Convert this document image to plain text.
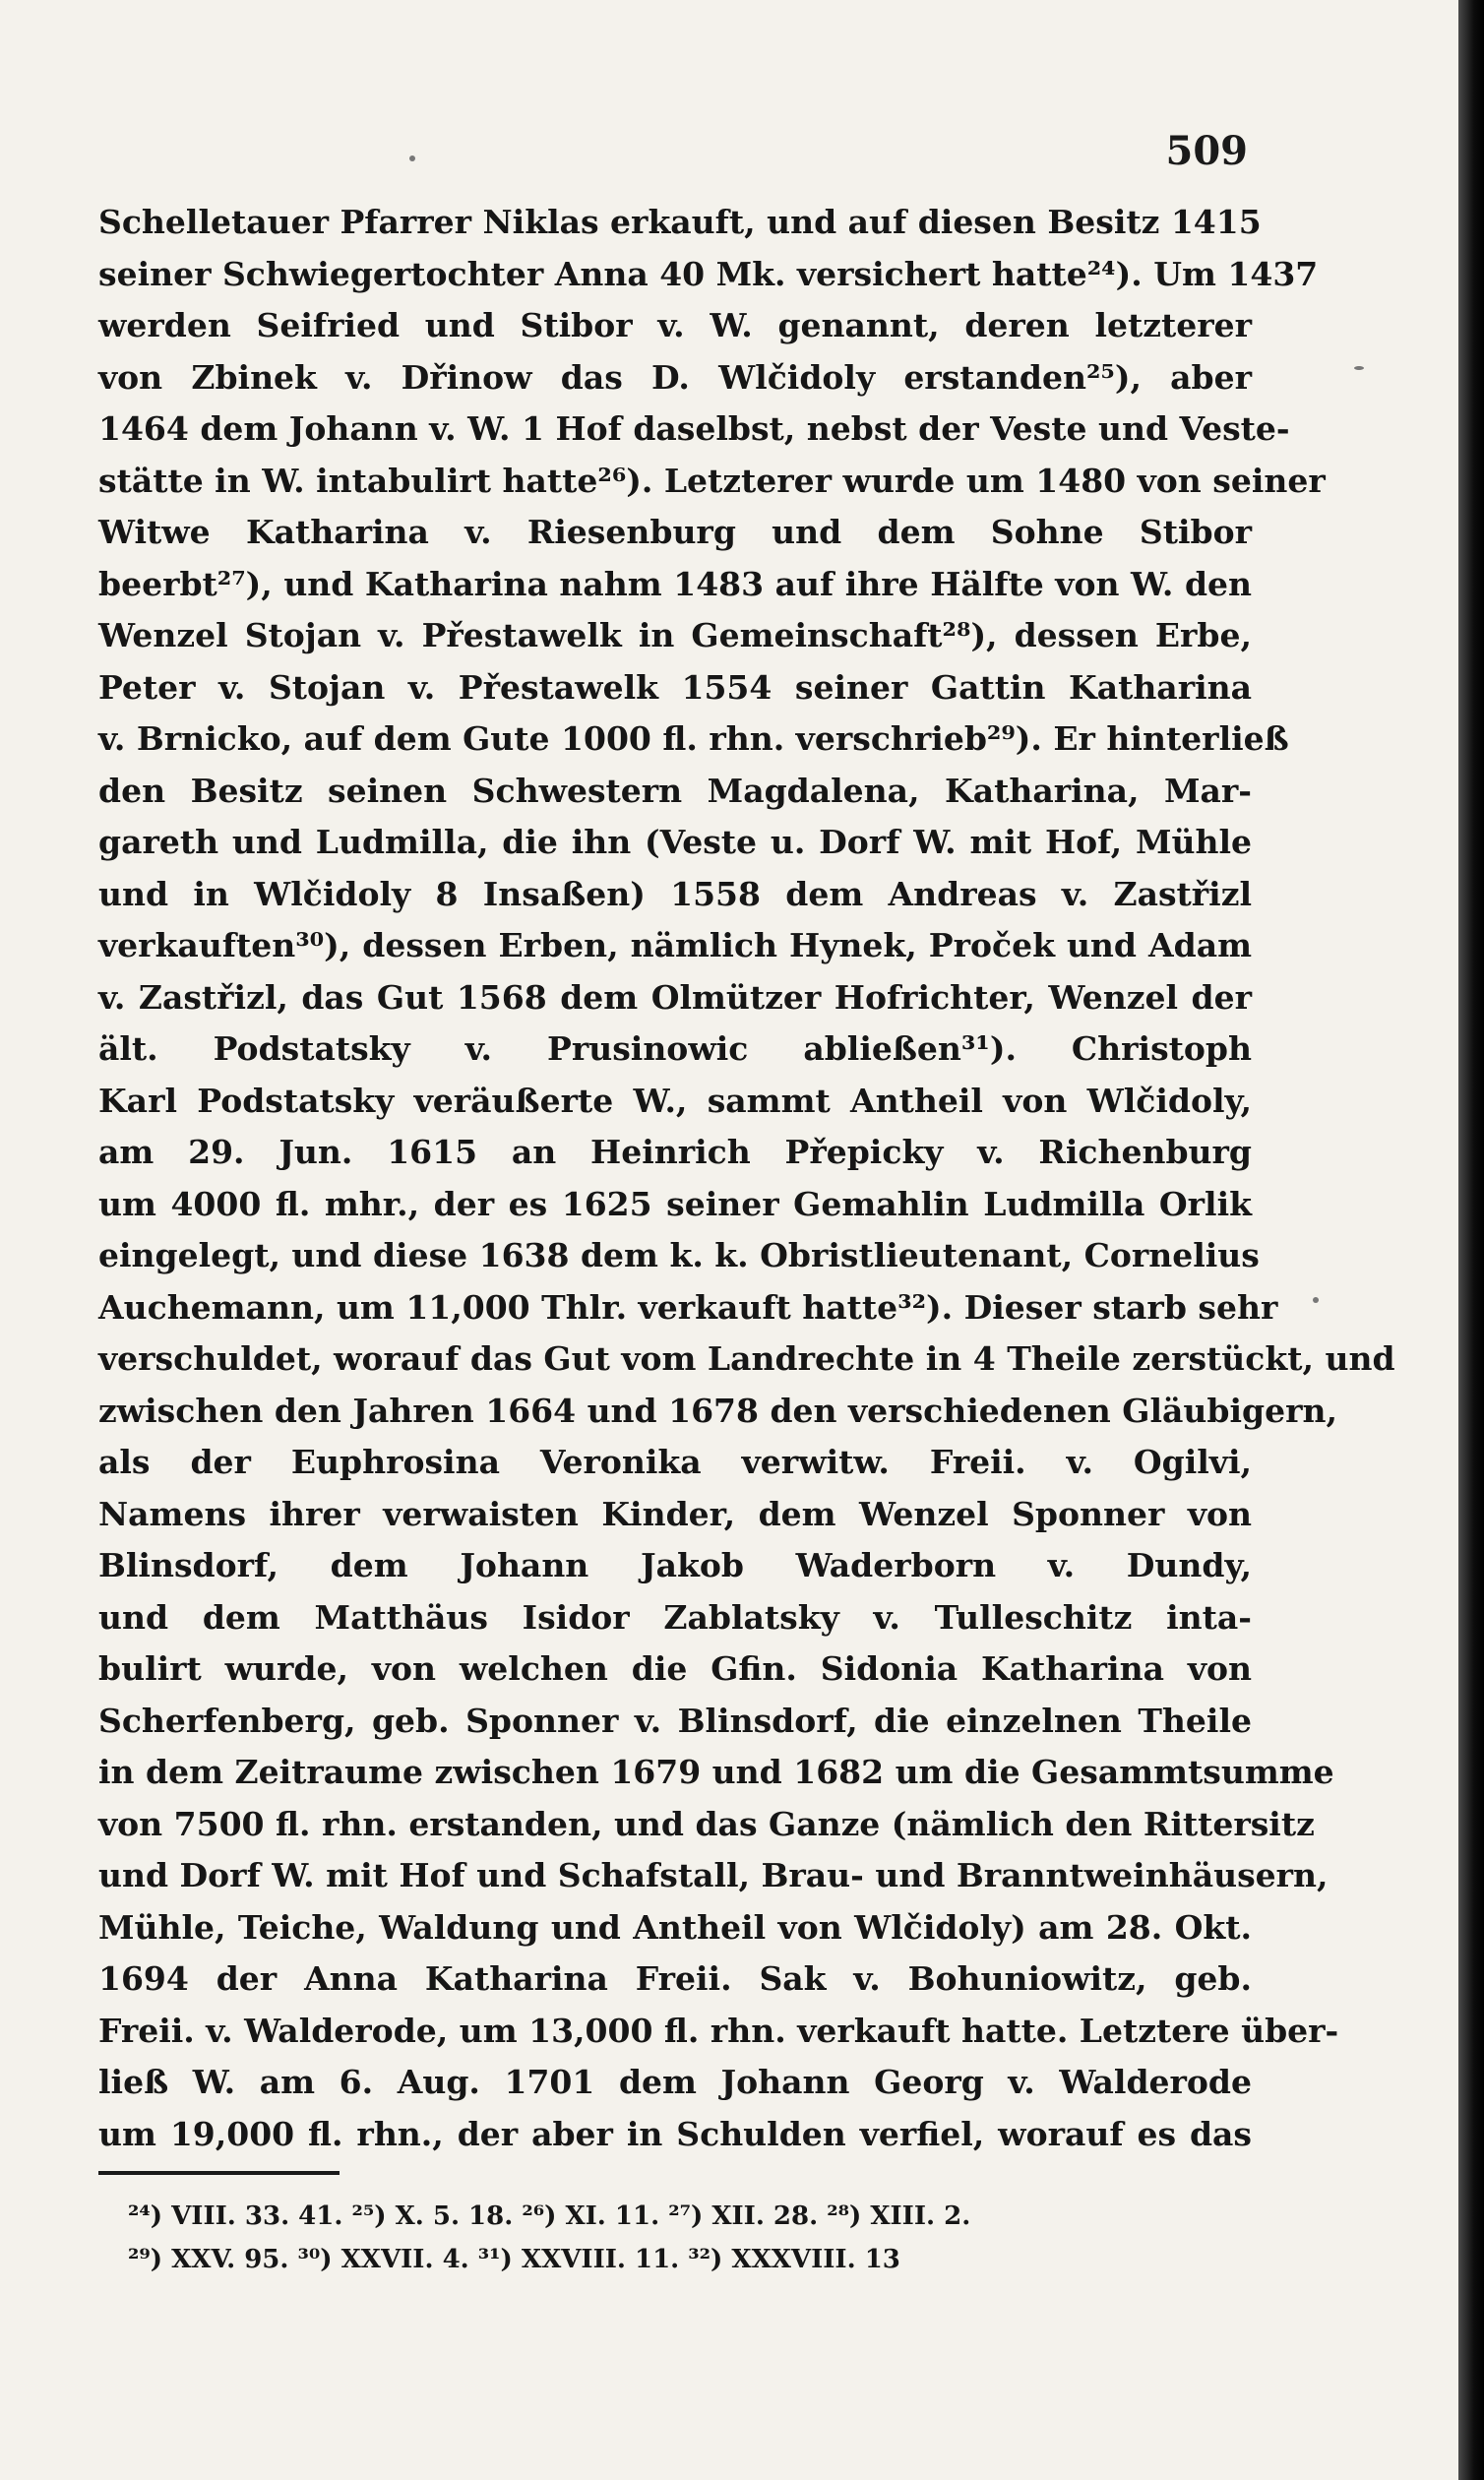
509
Schelletauer Pfarrer Niklas erkauft, und auf diesen Besitz 1415
seiner Schwiegertochter Anna 40 Mk. versichert hatte²⁴). Um 1437
werden Seifried und Stibor v. W. genannt, deren letzterer
von Zbinek v. Dřinow das D. Wlčidoly erstanden²⁵), aber
1464 dem Johann v. W. 1 Hof daselbst, nebst der Veste und Veste-
stätte in W. intabulirt hatte²⁶). Letzterer wurde um 1480 von seiner
Witwe Katharina v. Riesenburg und dem Sohne Stibor
beerbt²⁷), und Katharina nahm 1483 auf ihre Hälfte von W. den
Wenzel Stojan v. Přestawelk in Gemeinschaft²⁸), dessen Erbe,
Peter v. Stojan v. Přestawelk 1554 seiner Gattin Katharina
v. Brnicko, auf dem Gute 1000 fl. rhn. verschrieb²⁹). Er hinterließ
den Besitz seinen Schwestern Magdalena, Katharina, Mar-
gareth und Ludmilla, die ihn (Veste u. Dorf W. mit Hof, Mühle
und in Wlčidoly 8 Insaßen) 1558 dem Andreas v. Zastřizl
verkauften³⁰), dessen Erben, nämlich Hynek, Proček und Adam
v. Zastřizl, das Gut 1568 dem Olmützer Hofrichter, Wenzel der
ält. Podstatsky v. Prusinowic abließen³¹). Christoph
Karl Podstatsky veräußerte W., sammt Antheil von Wlčidoly,
am 29. Jun. 1615 an Heinrich Přepicky v. Richenburg
um 4000 fl. mhr., der es 1625 seiner Gemahlin Ludmilla Orlik
eingelegt, und diese 1638 dem k. k. Obristlieutenant, Cornelius
Auchemann, um 11,000 Thlr. verkauft hatte³²). Dieser starb sehr
verschuldet, worauf das Gut vom Landrechte in 4 Theile zerstückt, und
zwischen den Jahren 1664 und 1678 den verschiedenen Gläubigern,
als der Euphrosina Veronika verwitw. Freii. v. Ogilvi,
Namens ihrer verwaisten Kinder, dem Wenzel Sponner von
Blinsdorf, dem Johann Jakob Waderborn v. Dundy,
und dem Matthäus Isidor Zablatsky v. Tulleschitz inta-
bulirt wurde, von welchen die Gfin. Sidonia Katharina von
Scherfenberg, geb. Sponner v. Blinsdorf, die einzelnen Theile
in dem Zeitraume zwischen 1679 und 1682 um die Gesammtsumme
von 7500 fl. rhn. erstanden, und das Ganze (nämlich den Rittersitz
und Dorf W. mit Hof und Schafstall, Brau- und Branntweinhäusern,
Mühle, Teiche, Waldung und Antheil von Wlčidoly) am 28. Okt.
1694 der Anna Katharina Freii. Sak v. Bohuniowitz, geb.
Freii. v. Walderode, um 13,000 fl. rhn. verkauft hatte. Letztere über-
ließ W. am 6. Aug. 1701 dem Johann Georg v. Walderode
um 19,000 fl. rhn., der aber in Schulden verfiel, worauf es das
²⁴) VIII. 33. 41. ²⁵) X. 5. 18. ²⁶) XI. 11. ²⁷) XII. 28. ²⁸) XIII. 2.
²⁹) XXV. 95. ³⁰) XXVII. 4. ³¹) XXVIII. 11. ³²) XXXVIII. 13
